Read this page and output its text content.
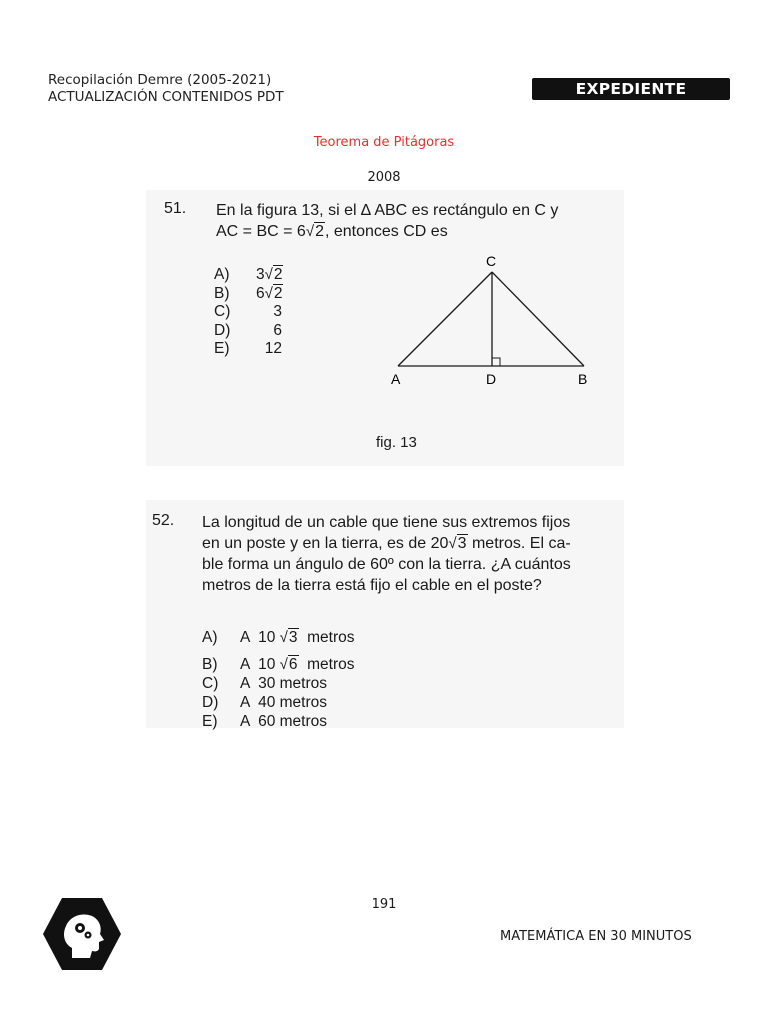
Recopilación Demre (2005-2021)
ACTUALIZACIÓN CONTENIDOS PDT	EXPEDIENTE SECRETO
Teorema de Pitágoras
2008
51. En la figura 13, si el ∆ ABC es rectángulo en C y
AC = BC = 6√2, entonces CD es
A)	3√2
B)	6√2
C)	3
D)	6
E)	12
A	B
C
D
fig. 13
52. La longitud de un cable que tiene sus extremos fijos
en un poste y en la tierra, es de 20√3 metros. El ca-
ble forma un ángulo de 60º con la tierra. ¿A cuántos
metros de la tierra está fijo el cable en el poste?
A)	A  10 √3 metros
B)	A  10 √6 metros
C)	A  30 metros
D)	A  40 metros
E)	A  60 metros
191
MATEMÁTICA EN 30 MINUTOS
